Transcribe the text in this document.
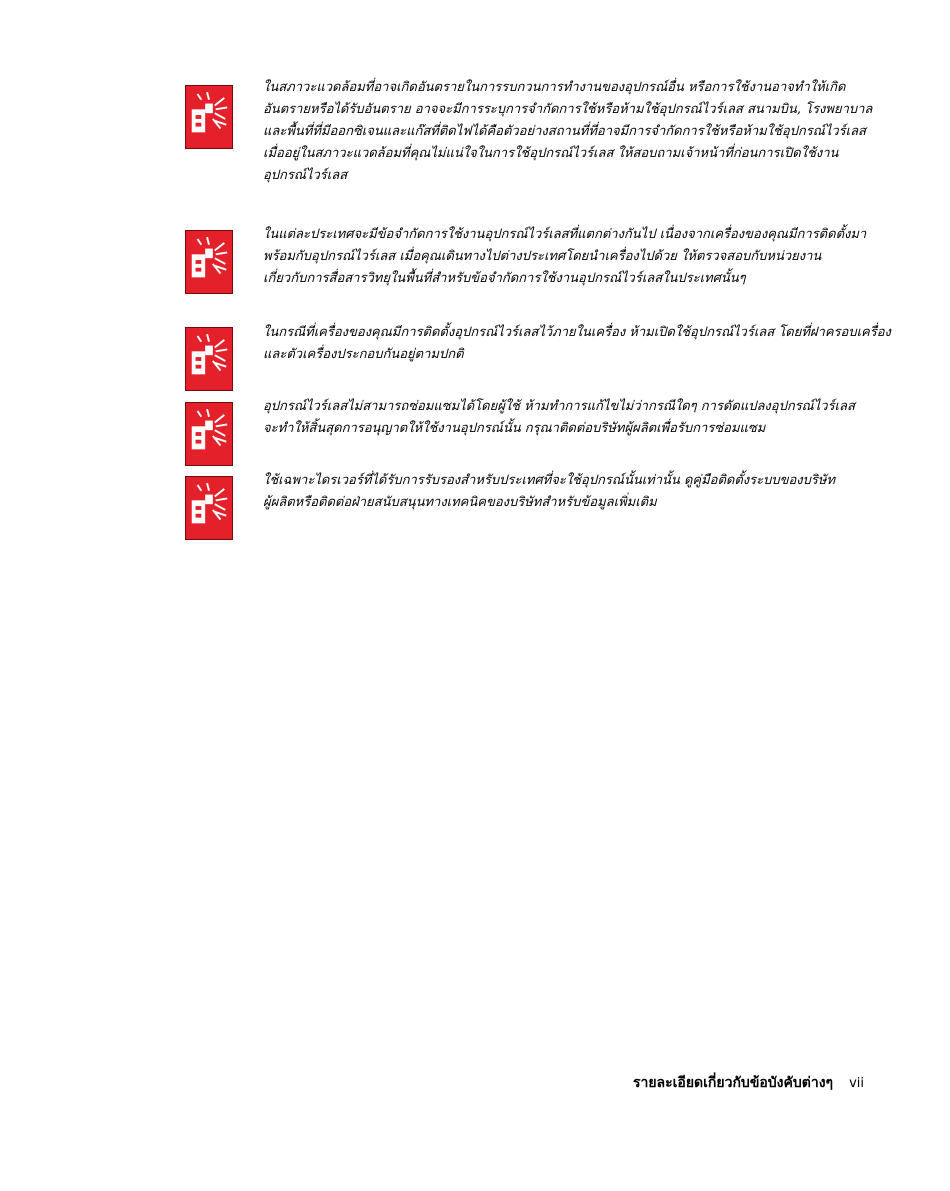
ในสภาวะแวดล้อมที่อาจเกิดอันตรายในการรบกวนการทำงานของอุปกรณ์อื่น หรือการใช้งานอาจทำให้เกิด
อันตรายหรือได้รับอันตราย อาจจะมีการระบุการจำกัดการใช้หรือห้ามใช้อุปกรณ์ไวร์เลส สนามบิน, โรงพยาบาล
และพื้นที่ที่มีออกซิเจนและแก๊สที่ติดไฟได้คือตัวอย่างสถานที่ที่อาจมีการจำกัดการใช้หรือห้ามใช้อุปกรณ์ไวร์เลส
เมื่ออยู่ในสภาวะแวดล้อมที่คุณไม่แน่ใจในการใช้อุปกรณ์ไวร์เลส ให้สอบถามเจ้าหน้าที่ก่อนการเปิดใช้งาน
อุปกรณ์ไวร์เลส
ในแต่ละประเทศจะมีข้อจำกัดการใช้งานอุปกรณ์ไวร์เลสที่แตกต่างกันไป เนื่องจากเครื่องของคุณมีการติดตั้งมา
พร้อมกับอุปกรณ์ไวร์เลส เมื่อคุณเดินทางไปต่างประเทศโดยนำเครื่องไปด้วย ให้ตรวจสอบกับหน่วยงาน
เกี่ยวกับการสื่อสารวิทยุในพื้นที่สำหรับข้อจำกัดการใช้งานอุปกรณ์ไวร์เลสในประเทศนั้นๆ
ในกรณีที่เครื่องของคุณมีการติดตั้งอุปกรณ์ไวร์เลสไว้ภายในเครื่อง ห้ามเปิดใช้อุปกรณ์ไวร์เลส โดยที่ฝาครอบเครื่อง
และตัวเครื่องประกอบกันอยู่ตามปกติ
อุปกรณ์ไวร์เลสไม่สามารถซ่อมแซมได้โดยผู้ใช้ ห้ามทำการแก้ไขไม่ว่ากรณีใดๆ การดัดแปลงอุปกรณ์ไวร์เลส
จะทำให้สิ้นสุดการอนุญาตให้ใช้งานอุปกรณ์นั้น กรุณาติดต่อบริษัทผู้ผลิตเพื่อรับการซ่อมแซม
ใช้เฉพาะไดรเวอร์ที่ได้รับการรับรองสำหรับประเทศที่จะใช้อุปกรณ์นั้นเท่านั้น ดูคู่มือติดตั้งระบบของบริษัท
ผู้ผลิตหรือติดต่อฝ่ายสนับสนุนทางเทคนิคของบริษัทสำหรับข้อมูลเพิ่มเติม
รายละเอียดเกี่ยวกับข้อบังคับต่างๆ vii
